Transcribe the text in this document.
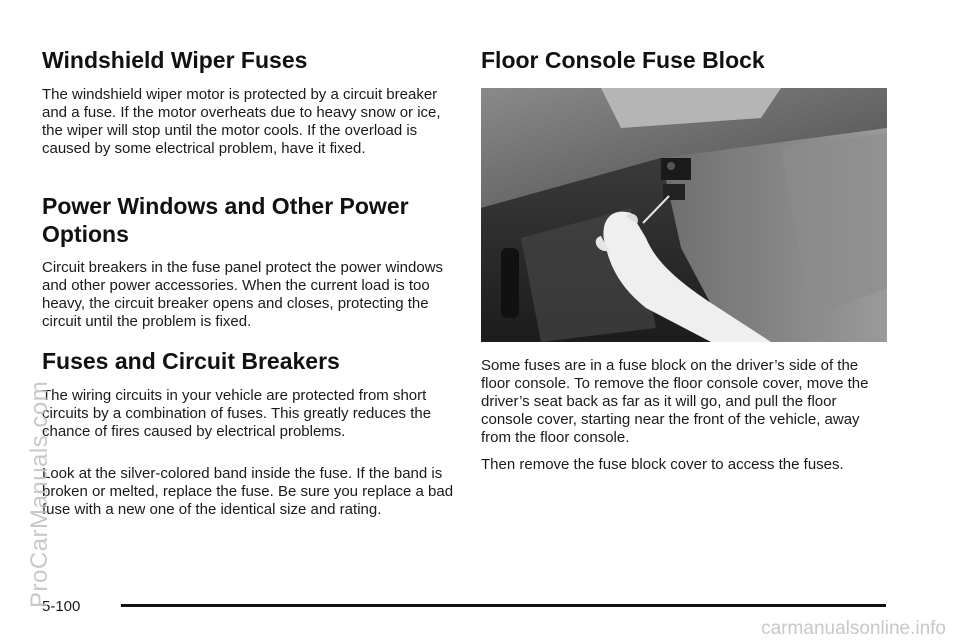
Windshield Wiper Fuses

The windshield wiper motor is protected by a circuit breaker and a fuse. If the motor overheats due to heavy snow or ice, the wiper will stop until the motor cools. If the overload is caused by some electrical problem, have it fixed.

Power Windows and Other Power Options

Circuit breakers in the fuse panel protect the power windows and other power accessories. When the current load is too heavy, the circuit breaker opens and closes, protecting the circuit until the problem is fixed.

Fuses and Circuit Breakers

The wiring circuits in your vehicle are protected from short circuits by a combination of fuses. This greatly reduces the chance of fires caused by electrical problems.

Look at the silver-colored band inside the fuse. If the band is broken or melted, replace the fuse. Be sure you replace a bad fuse with a new one of the identical size and rating.

Floor Console Fuse Block

Some fuses are in a fuse block on the driver’s side of the floor console. To remove the floor console cover, move the driver’s seat back as far as it will go, and pull the floor console cover, starting near the front of the vehicle, away from the floor console.

Then remove the fuse block cover to access the fuses.

5-100
ProCarManuals.com
carmanualsonline.info
